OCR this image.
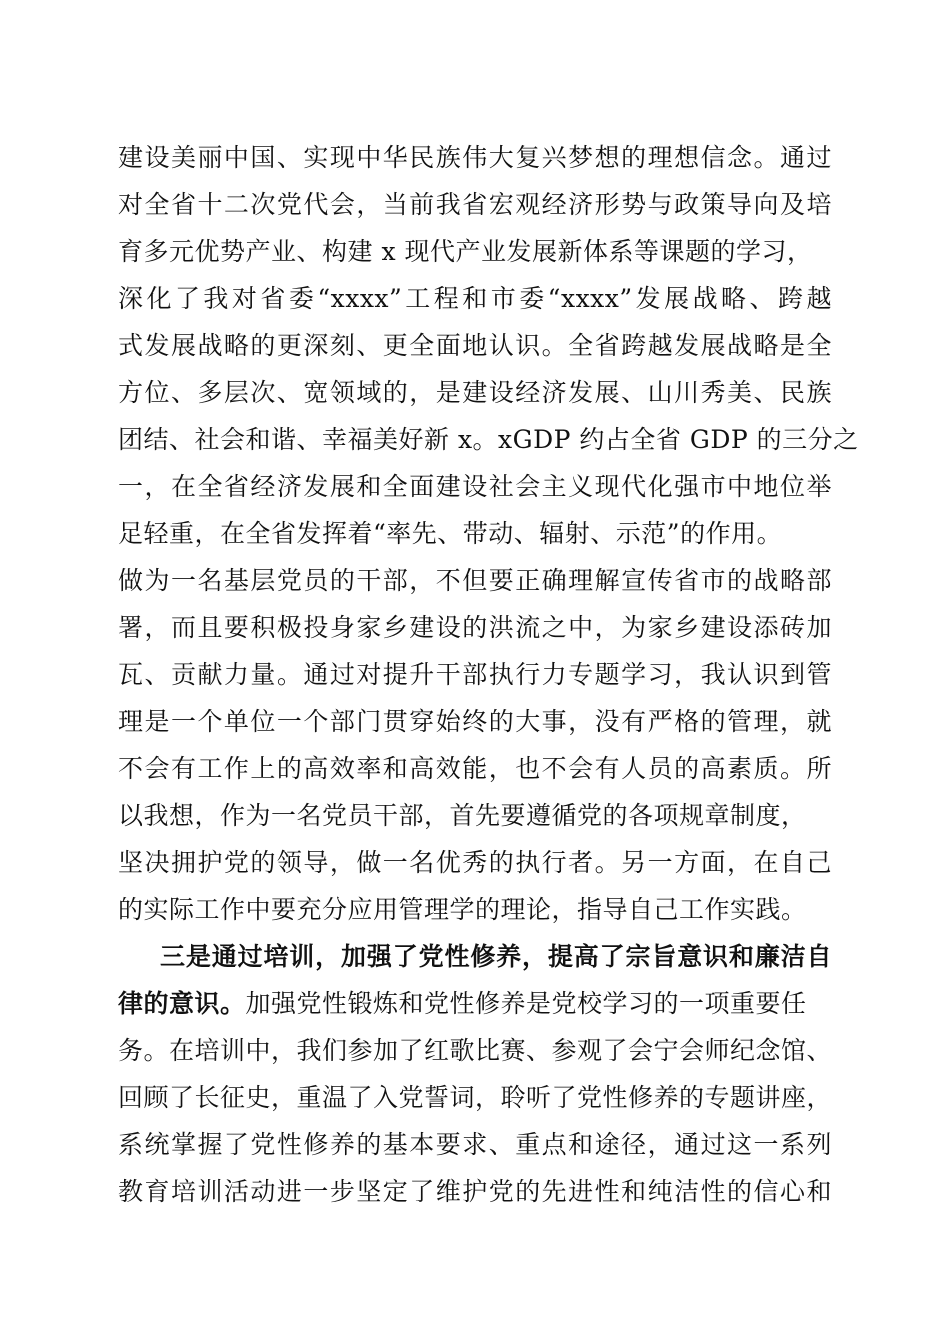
建设美丽中国、实现中华民族伟大复兴梦想的理想信念。通过
对全省十二次党代会，当前我省宏观经济形势与政策导向及培
育多元优势产业、构建 x 现代产业发展新体系等课题的学习，
深化了我对省委“xxxx”工程和市委“xxxx”发展战略、跨越
式发展战略的更深刻、更全面地认识。全省跨越发展战略是全
方位、多层次、宽领域的，是建设经济发展、山川秀美、民族
团结、社会和谐、幸福美好新 x。xGDP 约占全省 GDP 的三分之
一，在全省经济发展和全面建设社会主义现代化强市中地位举
足轻重，在全省发挥着“率先、带动、辐射、示范”的作用。
做为一名基层党员的干部，不但要正确理解宣传省市的战略部
署，而且要积极投身家乡建设的洪流之中，为家乡建设添砖加
瓦、贡献力量。通过对提升干部执行力专题学习，我认识到管
理是一个单位一个部门贯穿始终的大事，没有严格的管理，就
不会有工作上的高效率和高效能，也不会有人员的高素质。所
以我想，作为一名党员干部，首先要遵循党的各项规章制度，
坚决拥护党的领导，做一名优秀的执行者。另一方面，在自己
的实际工作中要充分应用管理学的理论，指导自己工作实践。
三是通过培训，加强了党性修养，提高了宗旨意识和廉洁自
律的意识。加强党性锻炼和党性修养是党校学习的一项重要任
务。在培训中，我们参加了红歌比赛、参观了会宁会师纪念馆、
回顾了长征史，重温了入党誓词，聆听了党性修养的专题讲座，
系统掌握了党性修养的基本要求、重点和途径，通过这一系列
教育培训活动进一步坚定了维护党的先进性和纯洁性的信心和
